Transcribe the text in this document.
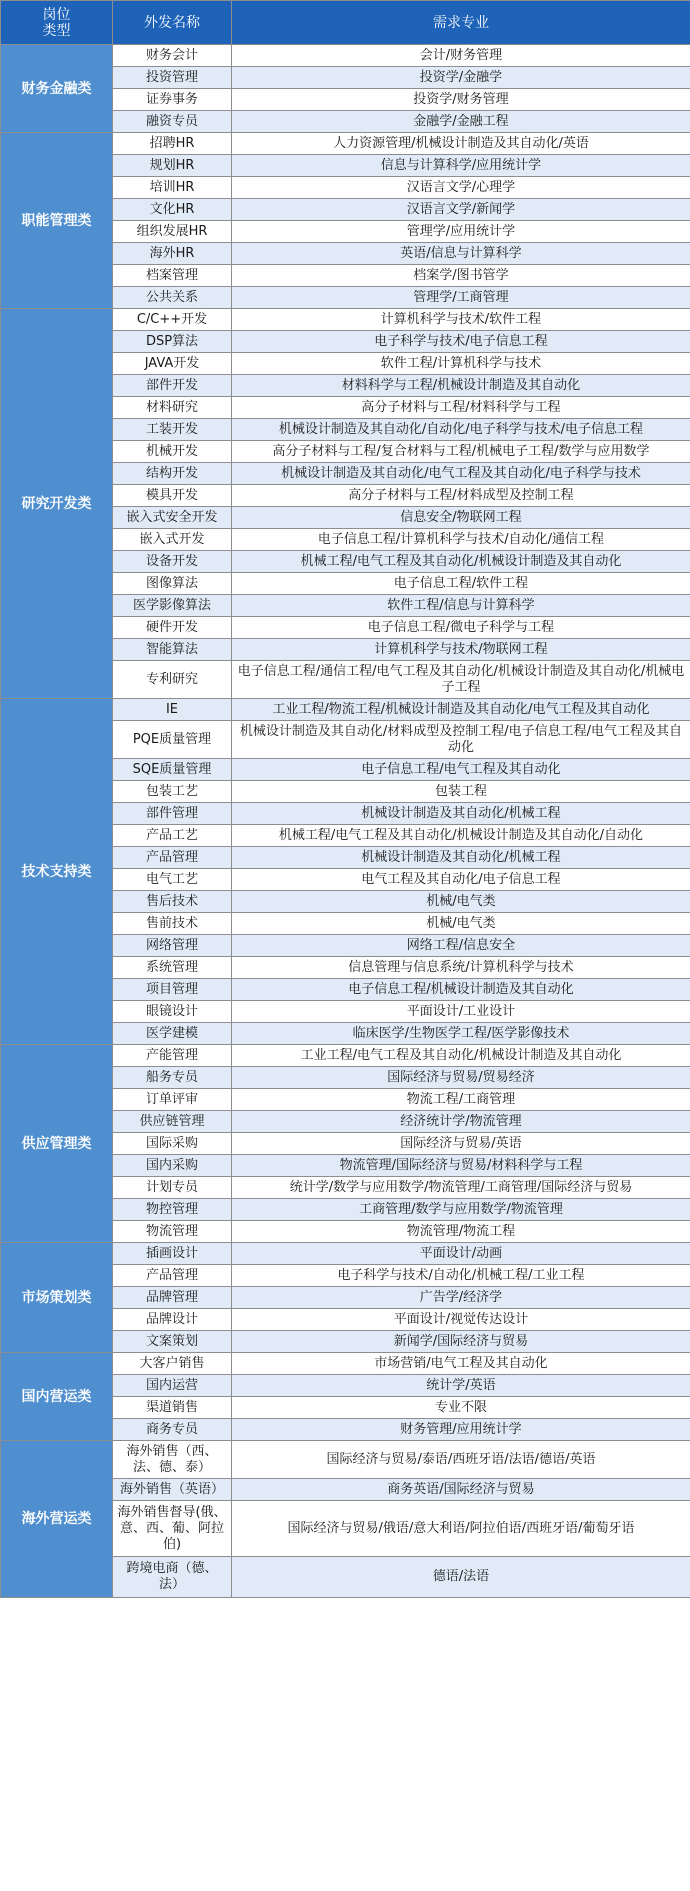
岗位
类型	外发名称	需求专业
财务金融类	财务会计	会计/财务管理
	投资管理	投资学/金融学
	证券事务	投资学/财务管理
	融资专员	金融学/金融工程
职能管理类	招聘HR	人力资源管理/机械设计制造及其自动化/英语
	规划HR	信息与计算科学/应用统计学
	培训HR	汉语言文学/心理学
	文化HR	汉语言文学/新闻学
	组织发展HR	管理学/应用统计学
	海外HR	英语/信息与计算科学
	档案管理	档案学/图书管学
	公共关系	管理学/工商管理
研究开发类	C/C++开发	计算机科学与技术/软件工程
	DSP算法	电子科学与技术/电子信息工程
	JAVA开发	软件工程/计算机科学与技术
	部件开发	材料科学与工程/机械设计制造及其自动化
	材料研究	高分子材料与工程/材料科学与工程
	工装开发	机械设计制造及其自动化/自动化/电子科学与技术/电子信息工程
	机械开发	高分子材料与工程/复合材料与工程/机械电子工程/数学与应用数学
	结构开发	机械设计制造及其自动化/电气工程及其自动化/电子科学与技术
	模具开发	高分子材料与工程/材料成型及控制工程
	嵌入式安全开发	信息安全/物联网工程
	嵌入式开发	电子信息工程/计算机科学与技术/自动化/通信工程
	设备开发	机械工程/电气工程及其自动化/机械设计制造及其自动化
	图像算法	电子信息工程/软件工程
	医学影像算法	软件工程/信息与计算科学
	硬件开发	电子信息工程/微电子科学与工程
	智能算法	计算机科学与技术/物联网工程
	专利研究	电子信息工程/通信工程/电气工程及其自动化/机械设计制造及其自动化/机械电子工程
技术支持类	IE	工业工程/物流工程/机械设计制造及其自动化/电气工程及其自动化
	PQE质量管理	机械设计制造及其自动化/材料成型及控制工程/电子信息工程/电气工程及其自动化
	SQE质量管理	电子信息工程/电气工程及其自动化
	包装工艺	包装工程
	部件管理	机械设计制造及其自动化/机械工程
	产品工艺	机械工程/电气工程及其自动化/机械设计制造及其自动化/自动化
	产品管理	机械设计制造及其自动化/机械工程
	电气工艺	电气工程及其自动化/电子信息工程
	售后技术	机械/电气类
	售前技术	机械/电气类
	网络管理	网络工程/信息安全
	系统管理	信息管理与信息系统/计算机科学与技术
	项目管理	电子信息工程/机械设计制造及其自动化
	眼镜设计	平面设计/工业设计
	医学建模	临床医学/生物医学工程/医学影像技术
供应管理类	产能管理	工业工程/电气工程及其自动化/机械设计制造及其自动化
	船务专员	国际经济与贸易/贸易经济
	订单评审	物流工程/工商管理
	供应链管理	经济统计学/物流管理
	国际采购	国际经济与贸易/英语
	国内采购	物流管理/国际经济与贸易/材料科学与工程
	计划专员	统计学/数学与应用数学/物流管理/工商管理/国际经济与贸易
	物控管理	工商管理/数学与应用数学/物流管理
	物流管理	物流管理/物流工程
市场策划类	插画设计	平面设计/动画
	产品管理	电子科学与技术/自动化/机械工程/工业工程
	品牌管理	广告学/经济学
	品牌设计	平面设计/视觉传达设计
	文案策划	新闻学/国际经济与贸易
国内营运类	大客户销售	市场营销/电气工程及其自动化
	国内运营	统计学/英语
	渠道销售	专业不限
	商务专员	财务管理/应用统计学
海外营运类	海外销售（西、法、德、泰）	国际经济与贸易/泰语/西班牙语/法语/德语/英语
	海外销售（英语）	商务英语/国际经济与贸易
	海外销售督导(俄、意、西、葡、阿拉伯)	国际经济与贸易/俄语/意大利语/阿拉伯语/西班牙语/葡萄牙语
	跨境电商（德、法）	德语/法语
